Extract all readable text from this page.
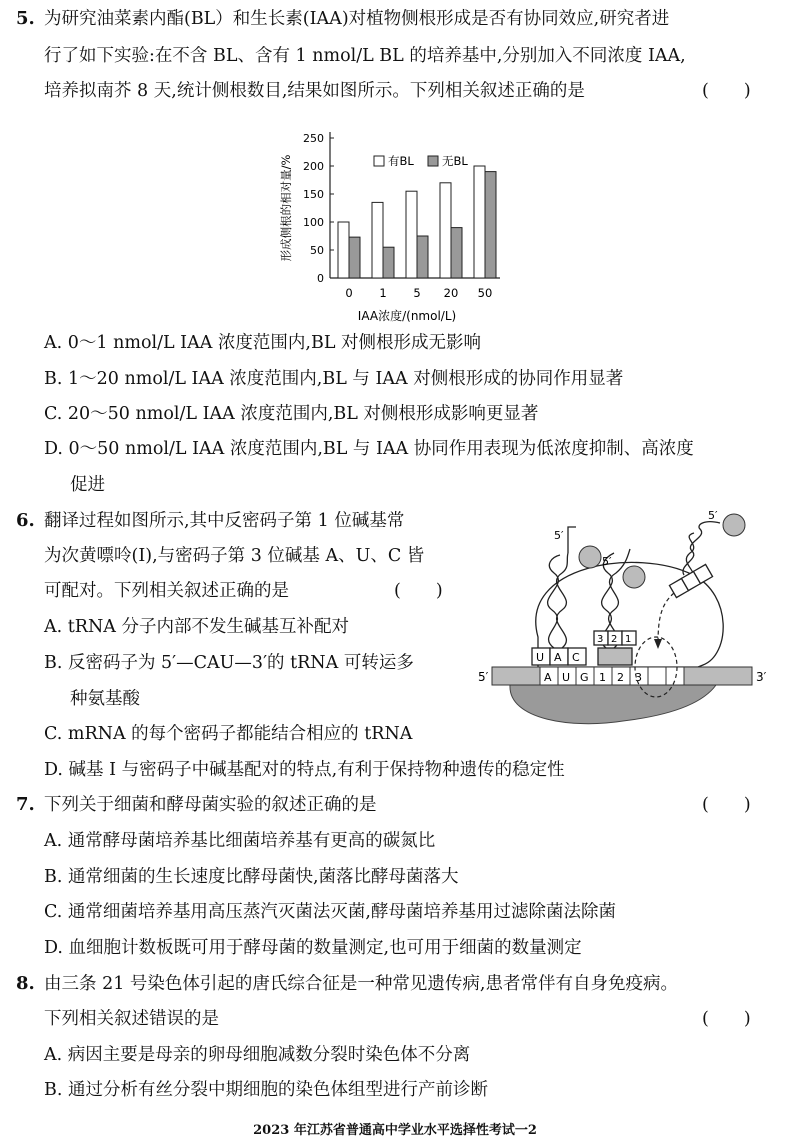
5. 为研究油菜素内酯(BL）和生长素(IAA)对植物侧根形成是否有协同效应,研究者进
行了如下实验:在不含 BL、含有 1 nmol/L BL 的培养基中,分别加入不同浓度 IAA,
培养拟南芥 8 天,统计侧根数目,结果如图所示。下列相关叙述正确的是	(　　)
0
50
100
150
200
250
形成侧根的相对量/%
0 1 5 20 50
IAA浓度/(nmol/L)
有BL 无BL
A. 0～1 nmol/L IAA 浓度范围内,BL 对侧根形成无影响
B. 1～20 nmol/L IAA 浓度范围内,BL 与 IAA 对侧根形成的协同作用显著
C. 20～50 nmol/L IAA 浓度范围内,BL 对侧根形成影响更显著
D. 0～50 nmol/L IAA 浓度范围内,BL 与 IAA 协同作用表现为低浓度抑制、高浓度
促进
6. 翻译过程如图所示,其中反密码子第 1 位碱基常
为次黄嘌呤(I),与密码子第 3 位碱基 A、U、C 皆
可配对。下列相关叙述正确的是	(　　)
A. tRNA 分子内部不发生碱基互补配对
B. 反密码子为 5′—CAU—3′的 tRNA 可转运多
种氨基酸
C. mRNA 的每个密码子都能结合相应的 tRNA
D. 碱基 I 与密码子中碱基配对的特点,有利于保持物种遗传的稳定性
5′	3′
A U G 1 2 3
5′
U A C
3 2 1
5′
5′
7. 下列关于细菌和酵母菌实验的叙述正确的是	(　　)
A. 通常酵母菌培养基比细菌培养基有更高的碳氮比
B. 通常细菌的生长速度比酵母菌快,菌落比酵母菌落大
C. 通常细菌培养基用高压蒸汽灭菌法灭菌,酵母菌培养基用过滤除菌法除菌
D. 血细胞计数板既可用于酵母菌的数量测定,也可用于细菌的数量测定
8. 由三条 21 号染色体引起的唐氏综合征是一种常见遗传病,患者常伴有自身免疫病。
下列相关叙述错误的是	(　　)
A. 病因主要是母亲的卵母细胞减数分裂时染色体不分离
B. 通过分析有丝分裂中期细胞的染色体组型进行产前诊断
2023 年江苏省普通高中学业水平选择性考试一2
